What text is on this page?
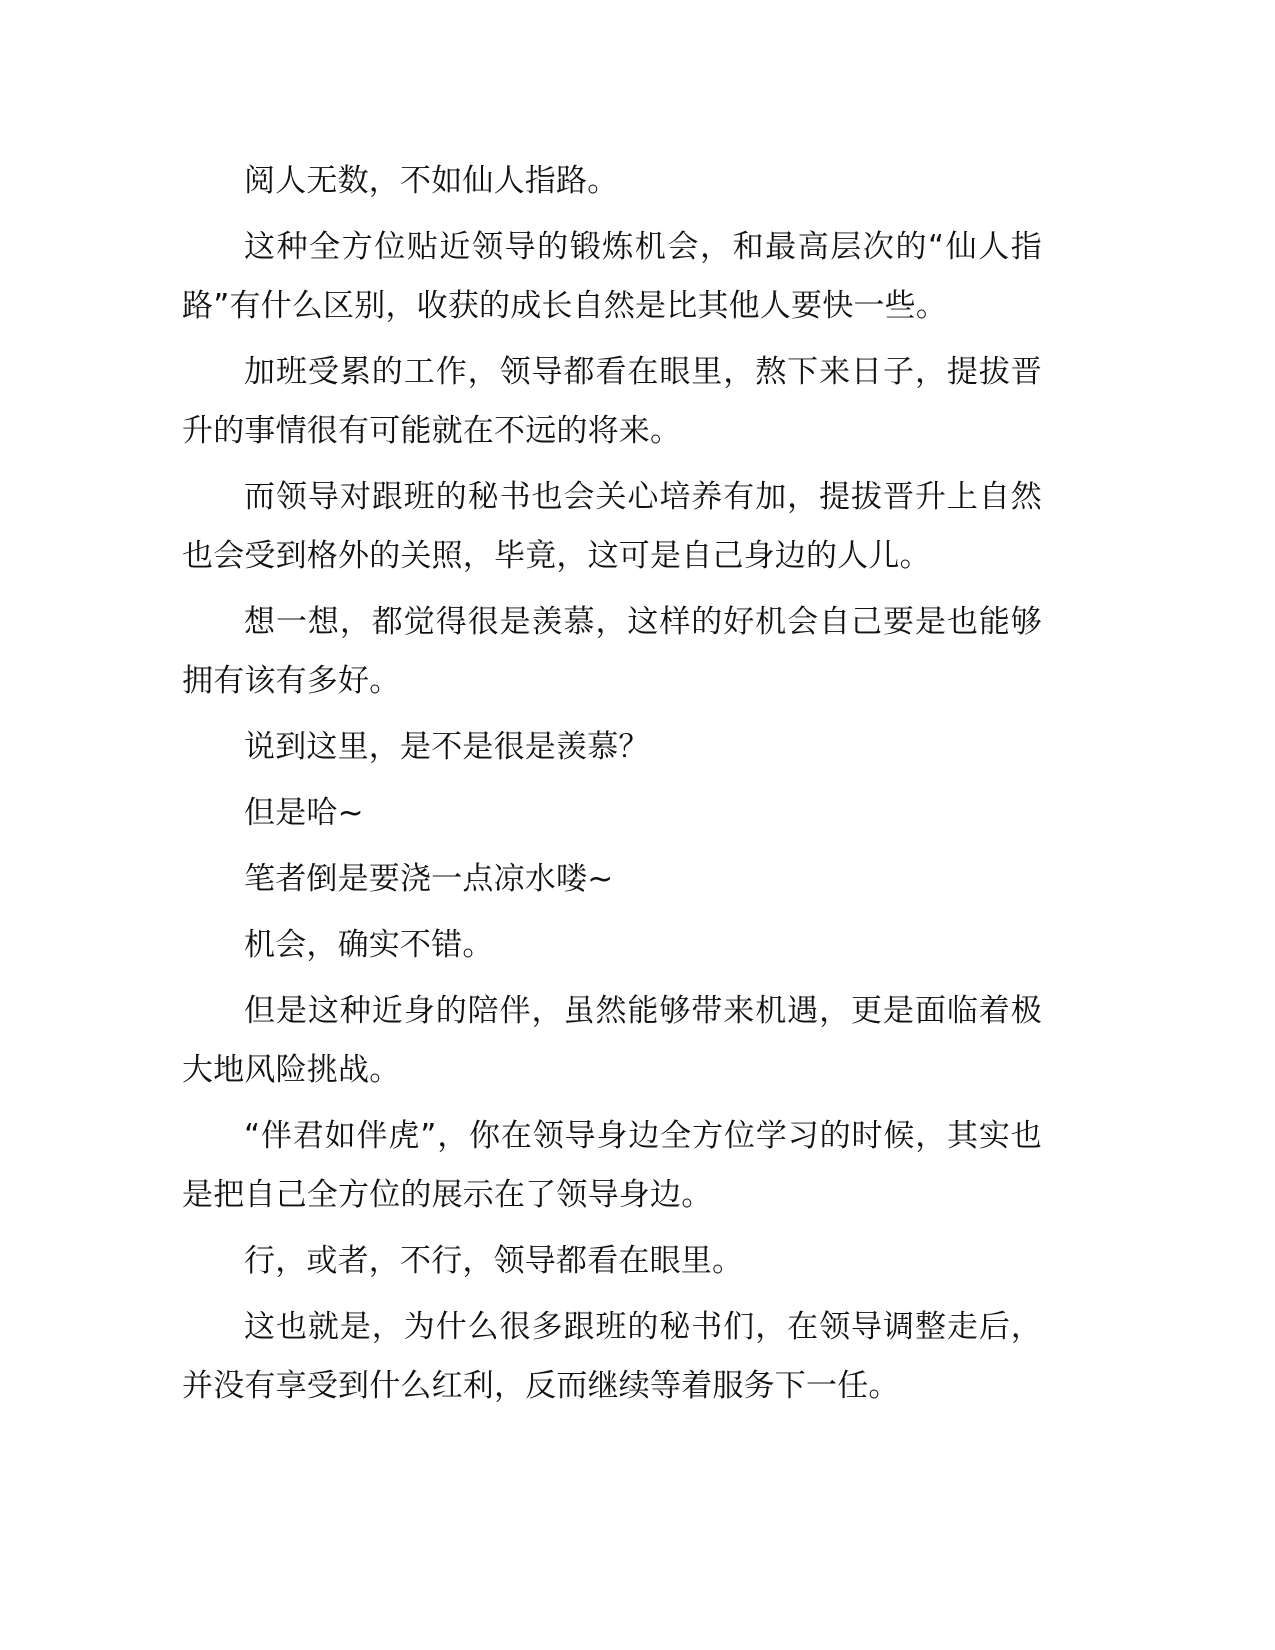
阅人无数，不如仙人指路。

这种全方位贴近领导的锻炼机会，和最高层次的“仙人指路”有什么区别，收获的成长自然是比其他人要快一些。

加班受累的工作，领导都看在眼里，熬下来日子，提拔晋升的事情很有可能就在不远的将来。

而领导对跟班的秘书也会关心培养有加，提拔晋升上自然也会受到格外的关照，毕竟，这可是自己身边的人儿。

想一想，都觉得很是羡慕，这样的好机会自己要是也能够拥有该有多好。

说到这里，是不是很是羡慕？

但是哈~

笔者倒是要浇一点凉水喽~

机会，确实不错。

但是这种近身的陪伴，虽然能够带来机遇，更是面临着极大地风险挑战。

“伴君如伴虎”，你在领导身边全方位学习的时候，其实也是把自己全方位的展示在了领导身边。

行，或者，不行，领导都看在眼里。

这也就是，为什么很多跟班的秘书们，在领导调整走后，并没有享受到什么红利，反而继续等着服务下一任。
